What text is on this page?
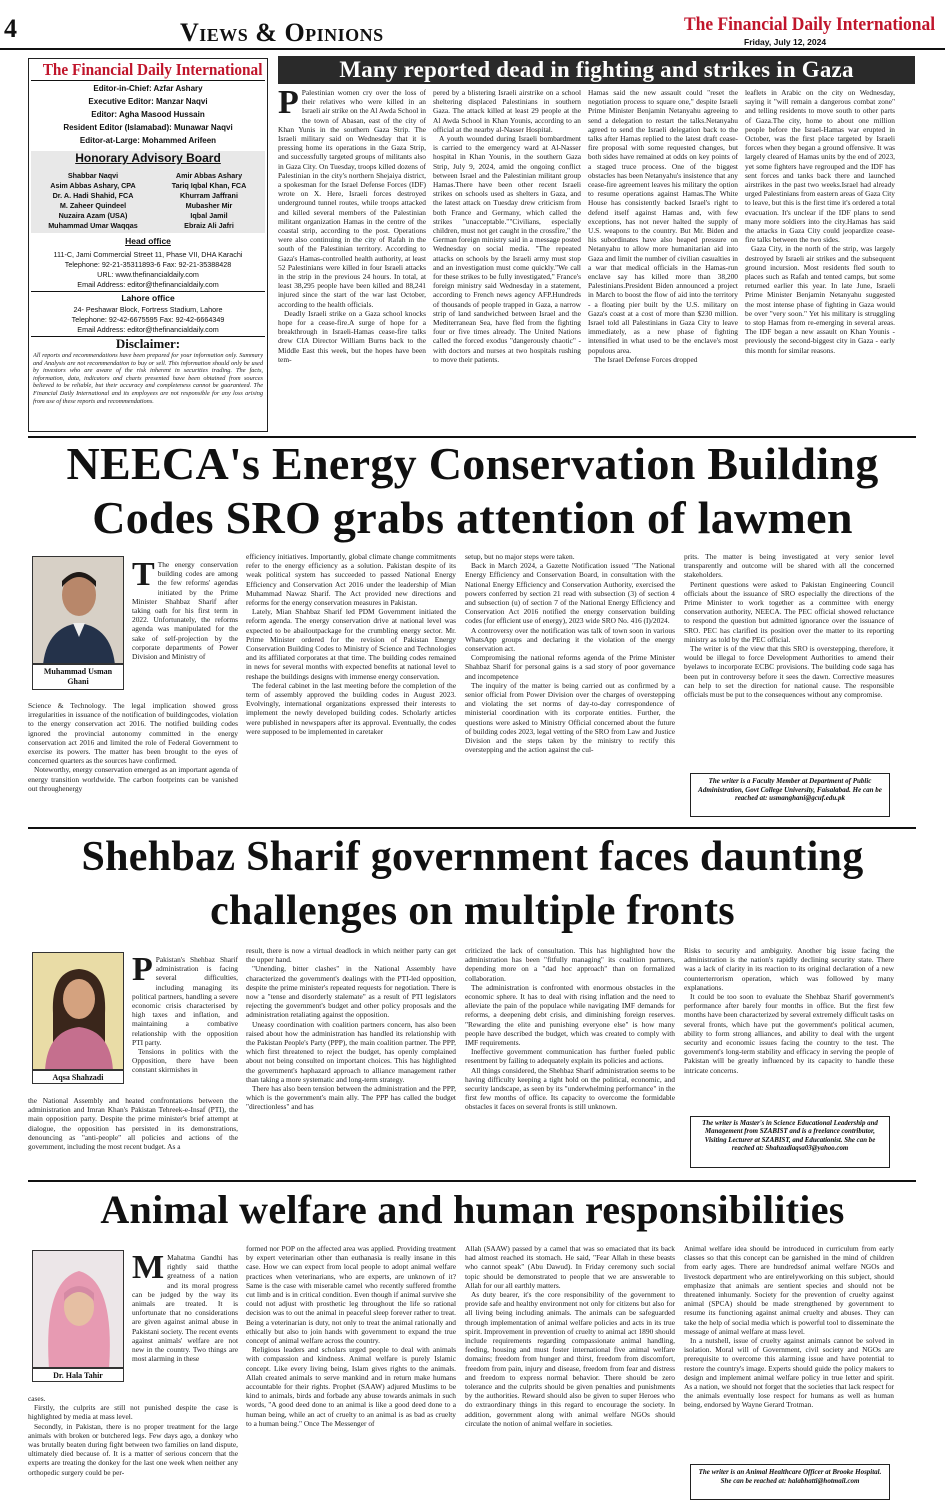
4	Views & Opinions	The Financial Daily International
Friday, July 12, 2024
The Financial Daily International
Editor-in-Chief: Azfar Ashary
Executive Editor: Manzar Naqvi
Editor: Agha Masood Hussain
Resident Editor (Islamabad): Munawar Naqvi
Editor-at-Large: Mohammed Arifeen
Honorary Advisory Board
Shabbar Naqvi
Asim Abbas Ashary, CPA
Dr. A. Hadi Shahid, FCA
M. Zaheer Quindeel
Nuzaira Azam (USA)
Muhammad Umar Waqqas
Amir Abbas Ashary
Tariq Iqbal Khan, FCA
Khurram Jaffrani
Mubasher Mir
Iqbal Jamil
Ebraiz Ali Jafri
Head office
111-C, Jami Commercial Street 11, Phase VII, DHA Karachi
Telephone: 92-21-35311893-6 Fax: 92-21-35388428
URL: www.thefinancialdaily.com
Email Address: editor@thefinancialdaily.com
Lahore office
24- Peshawar Block, Fortress Stadium, Lahore
Telephone: 92-42-6675595 Fax: 92-42-6664349
Email Address: editor@thefinancialdaily.com
Disclaimer:
All reports and recommendations have been prepared for your information only. Summary and Analysis are not recommendation to buy or sell. This information should only be used by investors who are aware of the risk inherent in securities trading. The facts, information, data, indicators and charts presented have been obtained from sources believed to be reliable, but their accuracy and completeness cannot be guaranteed. The Financial Daily International and its employees are not responsible for any loss arising from use of these reports and recommendations.
Many reported dead in fighting and strikes in Gaza
P Palestinian women cry over the loss of their relatives who were killed in an Israeli air strike on the Al Awda School in the town of Abasan, east of the city of Khan Yunis in the southern Gaza Strip. The Israeli military said on Wednesday that it is pressing home its operations in the Gaza Strip, and successfully targeted groups of militants also in Gaza City. On Tuesday, troops killed dozens of Palestinian in the city's northern Shejaiya district, a spokesman for the Israel Defense Forces (IDF) wrote on X. Here, Israeli forces destroyed underground tunnel routes, while troops attacked and killed several members of the Palestinian militant organization Hamas in the centre of the coastal strip, according to the post. Operations were also continuing in the city of Rafah in the south of the Palestinian territory. According to Gaza's Hamas-controlled health authority, at least 52 Palestinians were killed in four Israeli attacks in the strip in the previous 24 hours. In total, at least 38,295 people have been killed and 88,241 injured since the start of the war last October, according to the health officials.

Deadly Israeli strike on a Gaza school knocks hope for a cease-fire.A surge of hope for a breakthrough in Israeli-Hamas cease-fire talks drew CIA Director William Burns back to the Middle East this week, but the hopes have been tem-

pered by a blistering Israeli airstrike on a school sheltering displaced Palestinians in southern Gaza. The attack killed at least 29 people at the Al Awda School in Khan Younis, according to an official at the nearby al-Nasser Hospital.

A youth wounded during Israeli bombardment is carried to the emergency ward at Al-Nasser hospital in Khan Younis, in the southern Gaza Strip, July 9, 2024, amid the ongoing conflict between Israel and the Palestinian militant group Hamas.There have been other recent Israeli strikes on schools used as shelters in Gaza, and the latest attack on Tuesday drew criticism from both France and Germany, which called the strikes "unacceptable.""Civilians, especially children, must not get caught in the crossfire," the German foreign ministry said in a message posted Wednesday on social media. "The repeated attacks on schools by the Israeli army must stop and an investigation must come quickly."We call for these strikes to be fully investigated," France's foreign ministry said Wednesday in a statement, according to French news agency AFP.Hundreds of thousands of people trapped in Gaza, a narrow strip of land sandwiched between Israel and the Mediterranean Sea, have fled from the fighting four or five times already. The United Nations called the forced exodus "dangerously chaotic" - with doctors and nurses at two hospitals rushing to move their patients.

Hamas said the new assault could "reset the negotiation process to square one," despite Israeli Prime Minister Benjamin Netanyahu agreeing to send a delegation to restart the talks.Netanyahu agreed to send the Israeli delegation back to the talks after Hamas replied to the latest draft cease-fire proposal with some requested changes, but both sides have remained at odds on key points of a staged truce process. One of the biggest obstacles has been Netanyahu's insistence that any cease-fire agreement leaves his military the option to resume operations against Hamas.The White House has consistently backed Israel's right to defend itself against Hamas and, with few exceptions, has not never halted the supply of U.S. weapons to the country. But Mr. Biden and his subordinates have also heaped pressure on Netanyahu to allow more humanitarian aid into Gaza and limit the number of civilian casualties in a war that medical officials in the Hamas-run enclave say has killed more than 38,200 Palestinians.President Biden announced a project in March to boost the flow of aid into the territory - a floating pier built by the U.S. military on Gaza's coast at a cost of more than $230 million. Israel told all Palestinians in Gaza City to leave immediately, as a new phase of fighting intensified in what used to be the enclave's most populous area.

The Israel Defense Forces dropped

leaflets in Arabic on the city on Wednesday, saying it "will remain a dangerous combat zone" and telling residents to move south to other parts of Gaza.The city, home to about one million people before the Israel-Hamas war erupted in October, was the first place targeted by Israeli forces when they began a ground offensive. It was largely cleared of Hamas units by the end of 2023, yet some fighters have regrouped and the IDF has sent forces and tanks back there and launched airstrikes in the past two weeks.Israel had already urged Palestinians from eastern areas of Gaza City to leave, but this is the first time it's ordered a total evacuation. It's unclear if the IDF plans to send many more soldiers into the city.Hamas has said the attacks in Gaza City could jeopardize cease-fire talks between the two sides.

Gaza City, in the north of the strip, was largely destroyed by Israeli air strikes and the subsequent ground incursion. Most residents fled south to places such as Rafah and tented camps, but some returned earlier this year. In late June, Israeli Prime Minister Benjamin Netanyahu suggested the most intense phase of fighting in Gaza would be over "very soon." Yet his military is struggling to stop Hamas from re-emerging in several areas. The IDF began a new assault on Khan Younis - previously the second-biggest city in Gaza - early this month for similar reasons.

NEECA's Energy Conservation Building
Codes SRO grabs attention of lawmen
Muhammad Usman Ghani
T The energy conservation building codes are among the few reforms' agendas initiated by the Prime Minister Shahbaz Sharif after taking oath for his first term in 2022. Unfortunately, the reforms agenda was manipulated for the sake of self-projection by the corporate departments of Power Division and Ministry of
Science & Technology. The legal implication showed gross irregularities in issuance of the notification of buildingcodes, violation to the energy conservation act 2016. The notified building codes ignored the provincial autonomy committed in the energy conservation act 2016 and limited the role of Federal Government to exercise its powers. The matter has been brought to the eyes of concerned quarters as the sources have confirmed.

Noteworthy, energy conservation emerged as an important agenda of energy transition worldwide. The carbon footprints can be vanished out throughenergy

efficiency initiatives. Importantly, global climate change commitments refer to the energy efficiency as a solution. Pakistan despite of its weak political system has succeeded to passed National Energy Efficiency and Conservation Act 2016 under the leadership of Mian Muhammad Nawaz Sharif. The Act provided new directions and reforms for the energy conservation measures in Pakistan.

Lately, Mian Shahbaz Sharif led PDM Government initiated the reform agenda. The energy conservation drive at national level was expected to be abailoutpackage for the crumbling energy sector. Mr. Prime Minister ordered for the revision of Pakistan Energy Conservation Building Codes to Ministry of Science and Technologies and its affiliated corporates at that time. The building codes remained in news for several months with expected benefits at national level to reshape the buildings designs with immense energy conservation.

The federal cabinet in the last meeting before the completion of the term of assembly approved the building codes in August 2023. Evolvingly, international organizations expressed their interests to implement the newly developed building codes. Scholarly articles were published in newspapers after its approval. Eventually, the codes were supposed to be implemented in caretaker

setup, but no major steps were taken.

Back in March 2024, a Gazette Notification issued "The National Energy Efficiency and Conservation Board, in consultation with the National Energy Efficiency and Conservation Authority, exercised the powers conferred by section 21 read with subsection (3) of section 4 and subsection (u) of section 7 of the National Energy Efficiency and Conservation Act 2016 notified the energy conservation building codes (for efficient use of energy), 2023 wide SRO No. 416 (I)/2024.

A controversy over the notification was talk of town soon in various WhatsApp groups and declaring it the violation of the energy conservation act.

Compromising the national reforms agenda of the Prime Minister Shahbaz Sharif for personal gains is a sad story of poor governance and incompetence

The inquiry of the matter is being carried out as confirmed by a senior official from Power Division over the charges of overstepping and violating the set norms of day-to-day correspondence of ministerial coordination with its corporate entities. Further, the questions were asked to Ministry Official concerned about the future of building codes 2023, legal vetting of the SRO from Law and Justice Division and the steps taken by the ministry to rectify this overstepping and the action against the cul-

prits. The matter is being investigated at very senior level transparently and outcome will be shared with all the concerned stakeholders.

Pertinent questions were asked to Pakistan Engineering Council officials about the issuance of SRO especially the directions of the Prime Minister to work together as a committee with energy conservation authority, NEECA. The PEC official showed reluctance to respond the question but admitted ignorance over the issuance of SRO. PEC has clarified its position over the matter to its reporting ministry as told by the PEC official.

The writer is of the view that this SRO is overstepping, therefore, it would be illegal to force Development Authorities to amend their byelaws to incorporate ECBC provisions. The building code saga has been put in controversy before it sees the dawn. Corrective measures can help to set the direction for national cause. The responsible officials must be put to the consequences without any compromise.

The writer is a Faculty Member at Department of Public Administration, Govt College University, Faisalabad. He can be reached at: usmanghani@gcuf.edu.pk
Shehbaz Sharif government faces daunting
challenges on multiple fronts
Aqsa Shahzadi
P Pakistan's Shehbaz Sharif administration is facing several difficulties, including managing its political partners, handling a severe economic crisis characterised by high taxes and inflation, and maintaining a combative relationship with the opposition PTI party.

Tensions in politics with the Opposition, there have been constant skirmishes in

the National Assembly and heated confrontations between the administration and Imran Khan's Pakistan Tehreek-e-Insaf (PTI), the main opposition party. Despite the prime minister's brief attempt at dialogue, the opposition has persisted in its demonstrations, denouncing as "anti-people" all policies and actions of the government, including the most recent budget. As a
result, there is now a virtual deadlock in which neither party can get the upper hand.

"Unending, bitter clashes" in the National Assembly have characterized the government's dealings with the PTI-led opposition, despite the prime minister's repeated requests for negotiation. There is now a "tense and disorderly stalemate" as a result of PTI legislators rejecting the government's budget and other policy proposals and the administration retaliating against the opposition.

Uneasy coordination with coalition partners concern, has also been raised about how the administration has handled its relationship with the Pakistan People's Party (PPP), the main coalition partner. The PPP, which first threatened to reject the budget, has openly complained about not being consulted on important choices. This has highlighted the government's haphazard approach to alliance management rather than taking a more systematic and long-term strategy.

There has also been tension between the administration and the PPP, which is the government's main ally. The PPP has called the budget "directionless" and has

criticized the lack of consultation. This has highlighted how the administration has been "fitfully managing" its coalition partners, depending more on a "dad hoc approach" than on formalized collaboration.

The administration is confronted with enormous obstacles in the economic sphere. It has to deal with rising inflation and the need to alleviate the pain of the populace while navigating IMF demands for reforms, a deepening debt crisis, and diminishing foreign reserves. "Rewarding the elite and punishing everyone else" is how many people have described the budget, which was created to comply with IMF requirements.

Ineffective government communication has further fueled public resentment by failing to adequately explain its policies and actions.

All things considered, the Shehbaz Sharif administration seems to be having difficulty keeping a tight hold on the political, economic, and security landscape, as seen by its "underwhelming performance" in the first few months of office. Its capacity to overcome the formidable obstacles it faces on several fronts is still unknown.

Risks to security and ambiguity. Another big issue facing the administration is the nation's rapidly declining security state. There was a lack of clarity in its reaction to its original declaration of a new counterterrorism operation, which was followed by many explanations.

It could be too soon to evaluate the Shehbaz Sharif government's performance after barely four months in office. But the first few months have been characterized by several extremely difficult tasks on several fronts, which have put the government's political acumen, ability to form strong alliances, and ability to deal with the urgent security and economic issues facing the country to the test. The government's long-term stability and efficacy in serving the people of Pakistan will be greatly influenced by its capacity to handle these intricate concerns.

The writer is Master's in Science Educational Leadership and Management from SZABIST and is a freelance contributor, Visiting Lecturer at SZABIST, and Educationist. She can be reached at: Shahzadiaqsa03@yahoo.com
Animal welfare and human responsibilities
Dr. Hala Tahir
M Mahatma Gandhi has rightly said thatthe greatness of a nation and its moral progress can be judged by the way its animals are treated. It is unfortunate that no considerations are given against animal abuse in Pakistani society. The recent events against animals' welfare are not new in the country. Two things are most alarming in these
cases.

Firstly, the culprits are still not punished despite the case is highlighted by media at mass level.

Secondly, in Pakistan, there is no proper treatment for the large animals with broken or butchered legs. Few days ago, a donkey who was brutally beaten during fight between two families on land dispute, ultimately died because of. It is a matter of serious concern that the experts are treating the donkey for the last one week when neither any orthopedic surgery could be per-

formed nor POP on the affected area was applied. Providing treatment by expert veterinarian other than euthanasia is really insane in this case. How we can expect from local people to adopt animal welfare practices when veterinarians, who are experts, are unknown of it? Same is the case with miserable camel who recently suffered fromthe cut limb and is in critical condition. Even though if animal survive she could not adjust with prosthetic leg throughout the life so rational decision was to out the animal in peaceful sleep forever rather to treat. Being a veterinarian is duty, not only to treat the animal rationally and ethically but also to join hands with government to expand the true concept of animal welfare across the country.

Religious leaders and scholars urged people to deal with animals with compassion and kindness. Animal welfare is purely Islamic concept. Like every living being, Islam gives rights to the animals. Allah created animals to serve mankind and in return make humans accountable for their rights. Prophet (SAAW) adjured Muslims to be kind to animals, birds and forbade any abuse towards animals in such words, "A good deed done to an animal is like a good deed done to a human being, while an act of cruelty to an animal is as bad as cruelty to a human being." Once The Messenger of

Allah (SAAW) passed by a camel that was so emaciated that its back had almost reached its stomach. He said, "Fear Allah in these beasts who cannot speak" (Abu Dawud). In Friday ceremony such social topic should be demonstrated to people that we are answerable to Allah for our all earthly matters.

As duty bearer, it's the core responsibility of the government to provide safe and healthy environment not only for citizens but also for all living being including animals. The animals can be safeguarded through implementation of animal welfare policies and acts in its true spirit. Improvement in prevention of cruelty to animal act 1890 should include requirements regarding compassionate animal handling, feeding, housing and must foster international five animal welfare domains; freedom from hunger and thirst, freedom from discomfort, freedom from pain, injury and disease, freedom from fear and distress and freedom to express normal behavior. There should be zero tolerance and the culprits should be given penalties and punishments by the authorities. Reward should also be given to super Heroes who do extraordinary things in this regard to encourage the society. In addition, government along with animal welfare NGOs should circulate the notion of animal welfare in societies.

Animal welfare idea should be introduced in curriculum from early classes so that this concept can be garnished in the mind of children from early ages. There are hundredsof animal welfare NGOs and livestock department who are entirelyworking on this subject, should emphasize that animals are sentient species and should not be threatened inhumanly. Society for the prevention of cruelty against animal (SPCA) should be made strengthened by government to resume its functioning against animal cruelty and abuses. They can take the help of social media which is powerful tool to disseminate the message of animal welfare at mass level.

In a nutshell, issue of cruelty against animals cannot be solved in isolation. Moral will of Government, civil society and NGOs are prerequisite to overcome this alarming issue and have potential to restore the country's image. Experts should guide the policy makers to design and implement animal welfare policy in true letter and spirit. As a nation, we should not forget that the societies that lack respect for the animals eventually lose respect for humans as well as human being, endorsed by Wayne Gerard Trotman.

The writer is an Animal Healthcare Officer at Brooke Hospital. She can be reached at: halabhatti@hotmail.com
